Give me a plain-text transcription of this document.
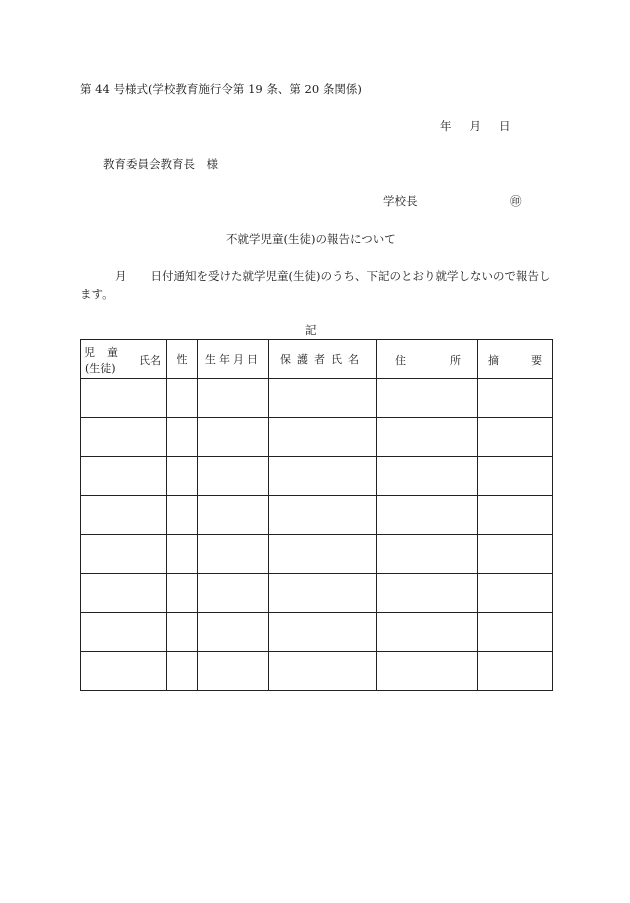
第 44 号様式(学校教育施行令第 19 条、第 20 条関係)
年 月 日
教育委員会教育長　様
学校長	㊞
不就学児童(生徒)の報告について
月 日付通知を受けた就学児童(生徒)のうち、下記のとおり就学しないので報告します。
記
児童
(生徒)
氏名	性	生年月日	保護者氏名	住 所	摘 要
